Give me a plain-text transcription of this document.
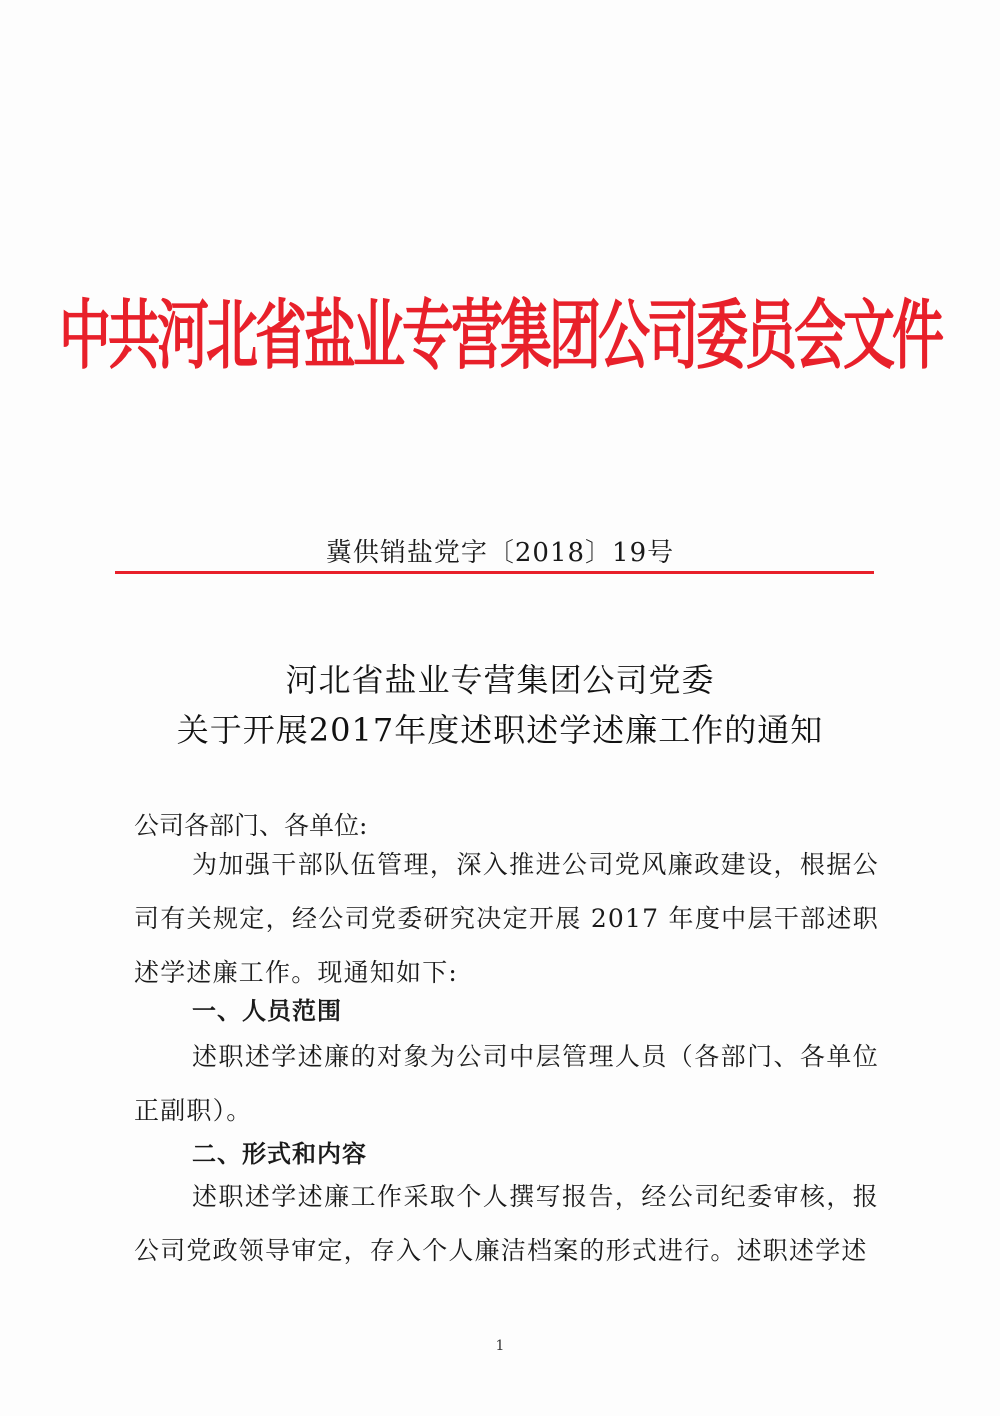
中共河北省盐业专营集团公司委员会文件
冀供销盐党字〔2018〕19号
河北省盐业专营集团公司党委
关于开展2017年度述职述学述廉工作的通知
公司各部门、各单位:
为加强干部队伍管理，深入推进公司党风廉政建设，根据公司有关规定，经公司党委研究决定开展 2017 年度中层干部述职述学述廉工作。现通知如下:
一、人员范围
述职述学述廉的对象为公司中层管理人员（各部门、各单位正副职）。
二、形式和内容
述职述学述廉工作采取个人撰写报告，经公司纪委审核，报公司党政领导审定，存入个人廉洁档案的形式进行。述职述学述
1
